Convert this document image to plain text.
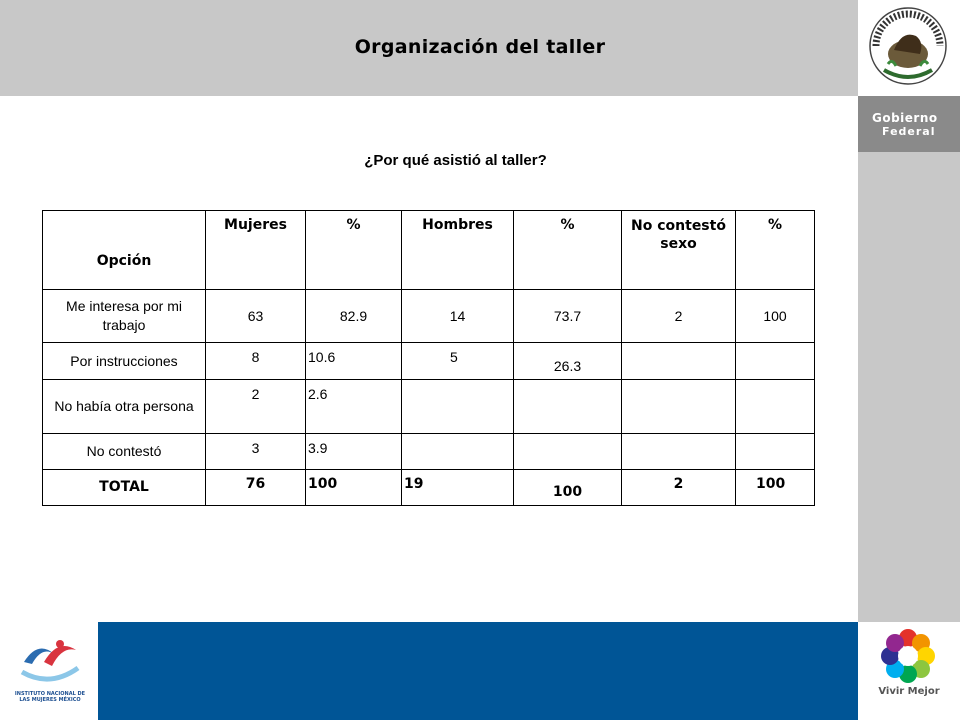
Organización del taller
Gobierno
Federal
Vivir Mejor
INSTITUTO NACIONAL DE LAS MUJERES MÉXICO
¿Por qué asistió al taller?
Opción	Mujeres	%	Hombres	%	No contestó sexo	%
Me interesa por mi trabajo	63	82.9	14	73.7	2	100
Por instrucciones	8	10.6	5	26.3		
No había otra persona	2	2.6				
No contestó	3	3.9				
TOTAL	76	100	19	100	2	100
